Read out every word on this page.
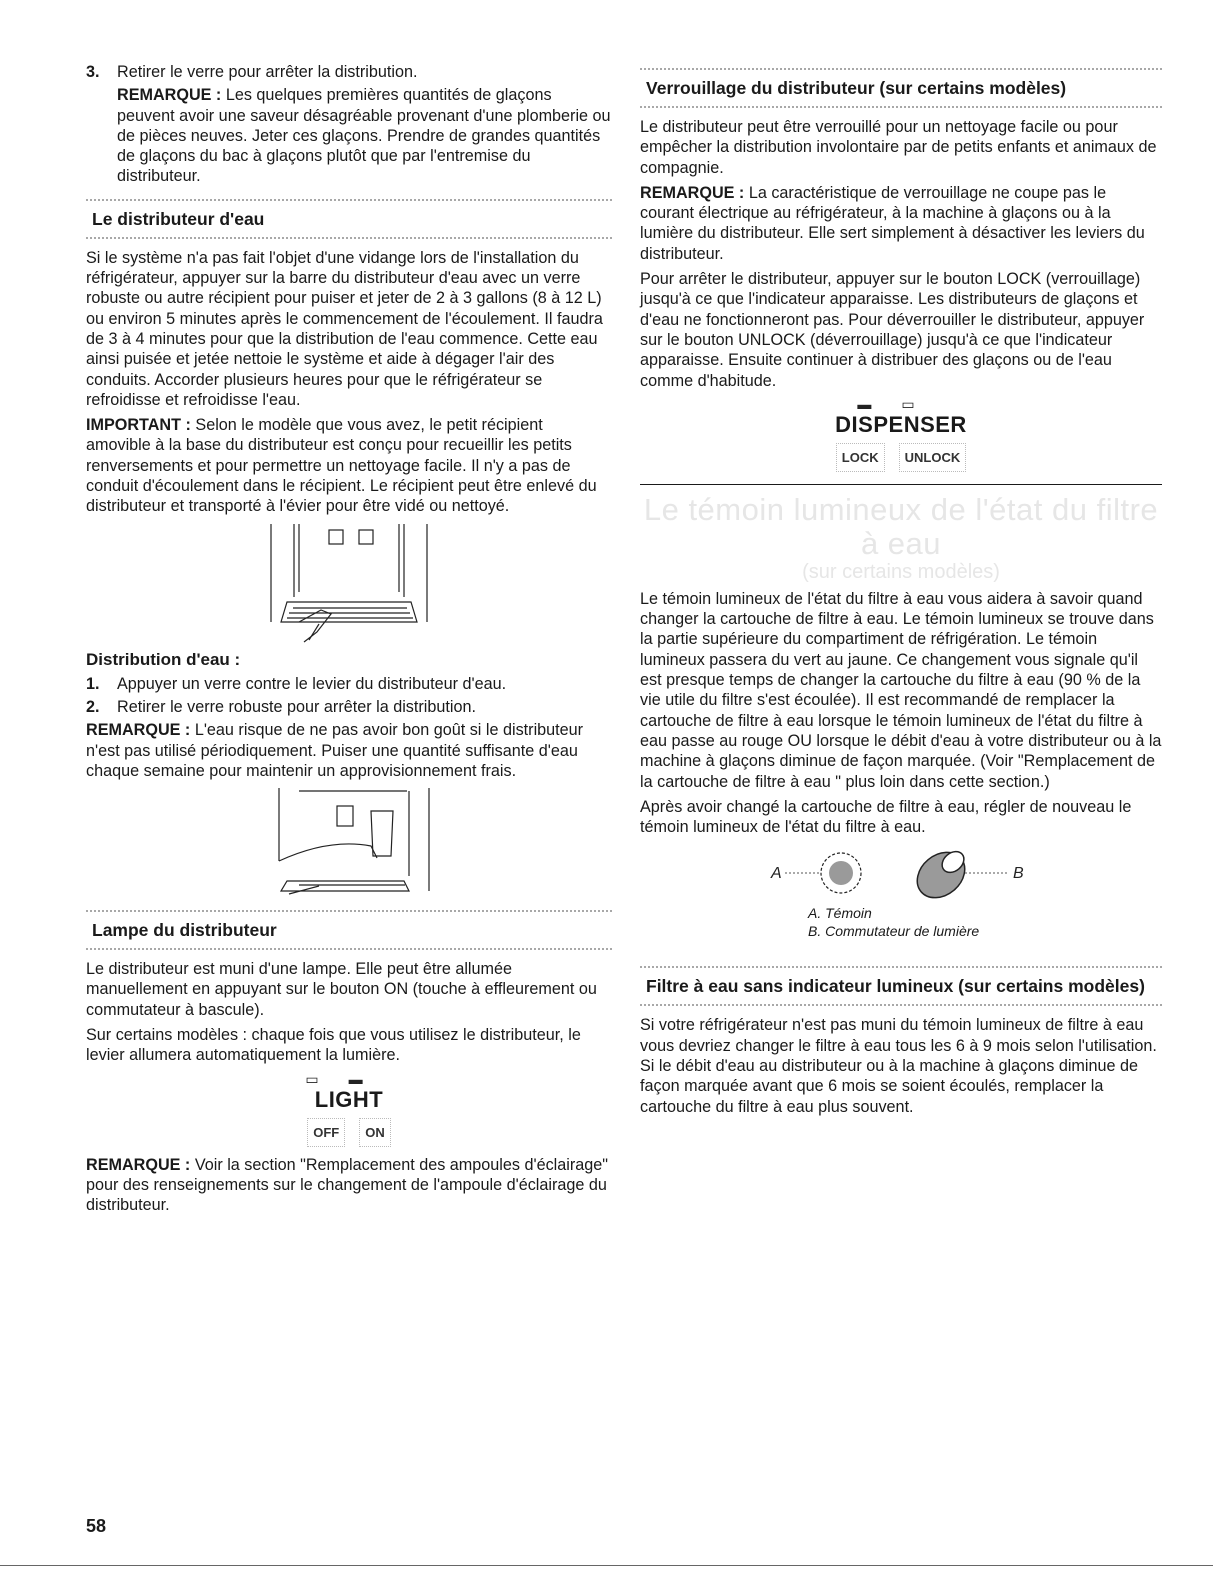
3.	Retirer le verre pour arrêter la distribution.

REMARQUE : Les quelques premières quantités de glaçons peuvent avoir une saveur désagréable provenant d'une plomberie ou de pièces neuves. Jeter ces glaçons. Prendre de grandes quantités de glaçons du bac à glaçons plutôt que par l'entremise du distributeur.

Le distributeur d'eau

Si le système n'a pas fait l'objet d'une vidange lors de l'installation du réfrigérateur, appuyer sur la barre du distributeur d'eau avec un verre robuste ou autre récipient pour puiser et jeter de 2 à 3 gallons (8 à 12 L) ou environ 5 minutes après le commencement de l'écoulement. Il faudra de 3 à 4 minutes pour que la distribution de l'eau commence. Cette eau ainsi puisée et jetée nettoie le système et aide à dégager l'air des conduits. Accorder plusieurs heures pour que le réfrigérateur se refroidisse et refroidisse l'eau.

IMPORTANT : Selon le modèle que vous avez, le petit récipient amovible à la base du distributeur est conçu pour recueillir les petits renversements et pour permettre un nettoyage facile. Il n'y a pas de conduit d'écoulement dans le récipient. Le récipient peut être enlevé du distributeur et transporté à l'évier pour être vidé ou nettoyé.

Distribution d'eau :
1.	Appuyer un verre contre le levier du distributeur d'eau.
2.	Retirer le verre robuste pour arrêter la distribution.

REMARQUE : L'eau risque de ne pas avoir bon goût si le distributeur n'est pas utilisé périodiquement. Puiser une quantité suffisante d'eau chaque semaine pour maintenir un approvisionnement frais.

Lampe du distributeur

Le distributeur est muni d'une lampe. Elle peut être allumée manuellement en appuyant sur le bouton ON (touche à effleurement ou commutateur à bascule).

Sur certains modèles : chaque fois que vous utilisez le distributeur, le levier allumera automatiquement la lumière.

▭▬
LIGHT
OFF	ON

REMARQUE : Voir la section "Remplacement des ampoules d'éclairage" pour des renseignements sur le changement de l'ampoule d'éclairage du distributeur.

Verrouillage du distributeur (sur certains modèles)

Le distributeur peut être verrouillé pour un nettoyage facile ou pour empêcher la distribution involontaire par de petits enfants et animaux de compagnie.

REMARQUE : La caractéristique de verrouillage ne coupe pas le courant électrique au réfrigérateur, à la machine à glaçons ou à la lumière du distributeur. Elle sert simplement à désactiver les leviers du distributeur.

Pour arrêter le distributeur, appuyer sur le bouton LOCK (verrouillage) jusqu'à ce que l'indicateur apparaisse. Les distributeurs de glaçons et d'eau ne fonctionneront pas. Pour déverrouiller le distributeur, appuyer sur le bouton UNLOCK (déverrouillage) jusqu'à ce que l'indicateur apparaisse. Ensuite continuer à distribuer des glaçons ou de l'eau comme d'habitude.

▬▭
DISPENSER
LOCK	UNLOCK
Le témoin lumineux de l'état du filtre à eau
(sur certains modèles)

Le témoin lumineux de l'état du filtre à eau vous aidera à savoir quand changer la cartouche de filtre à eau. Le témoin lumineux se trouve dans la partie supérieure du compartiment de réfrigération. Le témoin lumineux passera du vert au jaune. Ce changement vous signale qu'il est presque temps de changer la cartouche du filtre à eau (90 % de la vie utile du filtre s'est écoulée). Il est recommandé de remplacer la cartouche de filtre à eau lorsque le témoin lumineux de l'état du filtre à eau passe au rouge OU lorsque le débit d'eau à votre distributeur ou à la machine à glaçons diminue de façon marquée. (Voir "Remplacement de la cartouche de filtre à eau " plus loin dans cette section.)

Après avoir changé la cartouche de filtre à eau, régler de nouveau le témoin lumineux de l'état du filtre à eau.

A	B
A. Témoin
B. Commutateur de lumière
Filtre à eau sans indicateur lumineux (sur certains modèles)

Si votre réfrigérateur n'est pas muni du témoin lumineux de filtre à eau vous devriez changer le filtre à eau tous les 6 à 9 mois selon l'utilisation. Si le débit d'eau au distributeur ou à la machine à glaçons diminue de façon marquée avant que 6 mois se soient écoulés, remplacer la cartouche du filtre à eau plus souvent.

58
